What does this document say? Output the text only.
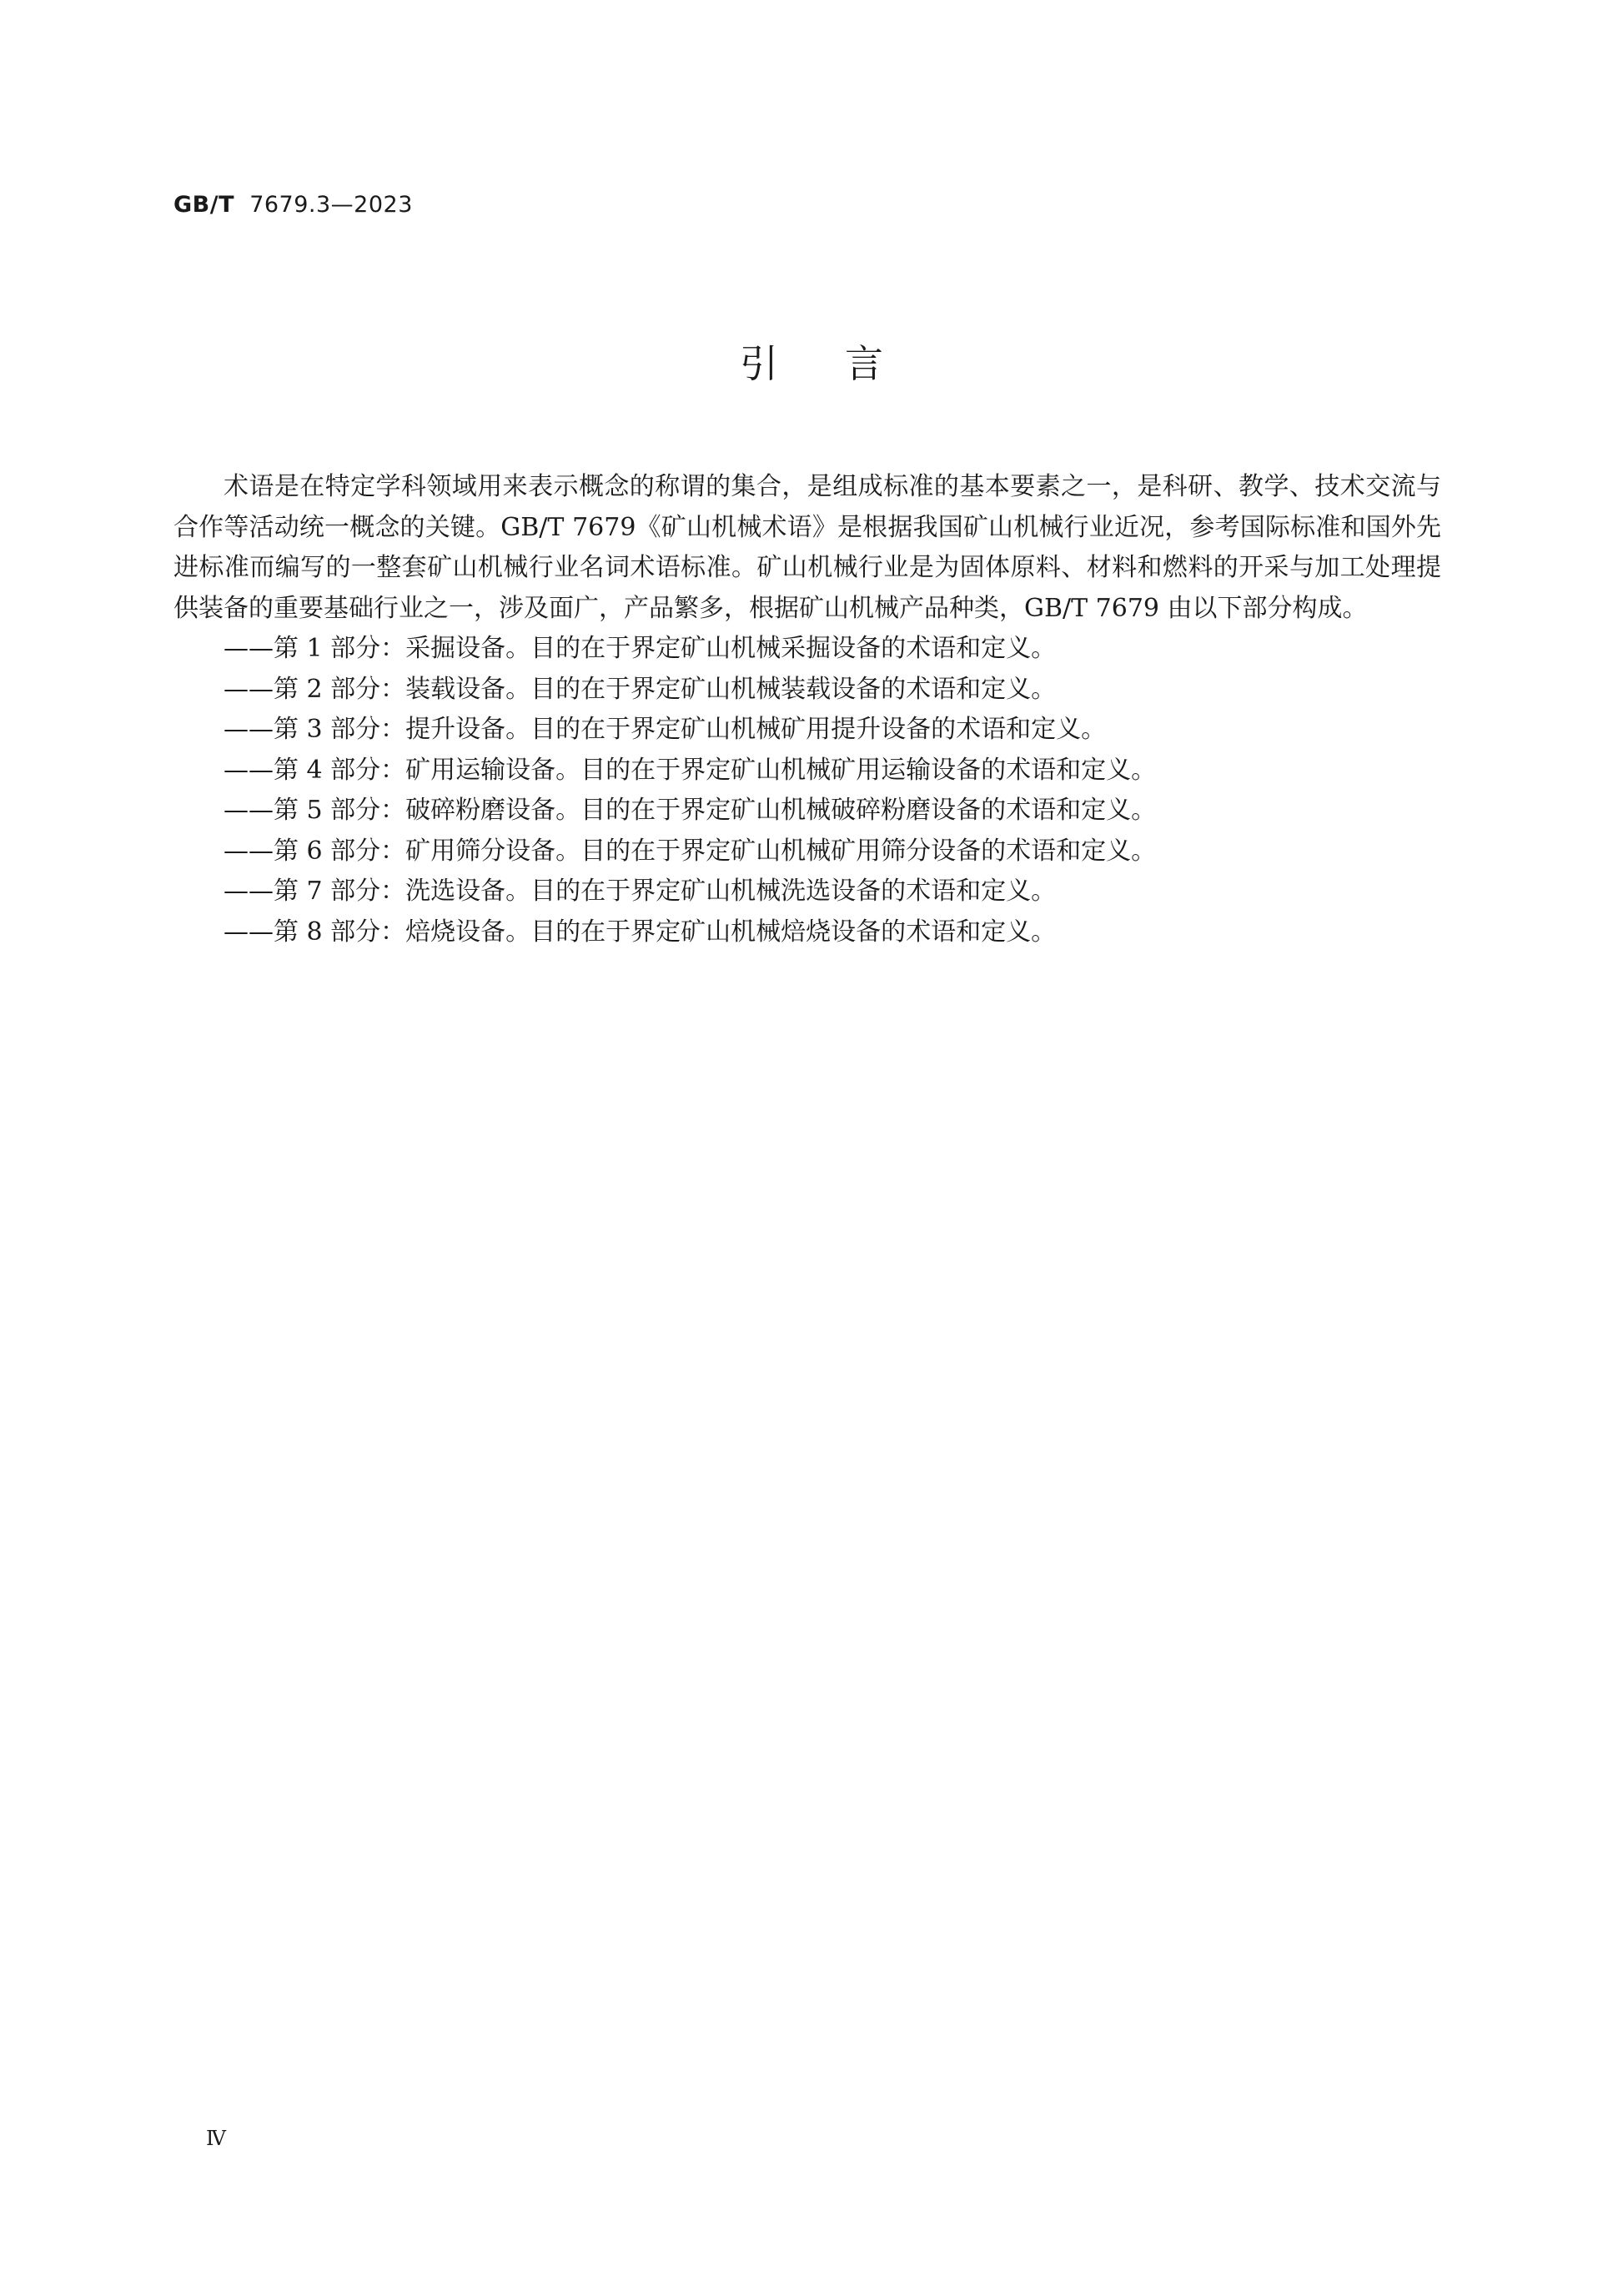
GB/T 7679.3—2023
引言

术语是在特定学科领域用来表示概念的称谓的集合，是组成标准的基本要素之一，是科研、教学、技术交流与合作等活动统一概念的关键。GB/T 7679《矿山机械术语》是根据我国矿山机械行业近况，参考国际标准和国外先进标准而编写的一整套矿山机械行业名词术语标准。矿山机械行业是为固体原料、材料和燃料的开采与加工处理提供装备的重要基础行业之一，涉及面广，产品繁多，根据矿山机械产品种类，GB/T 7679 由以下部分构成。

——第 1 部分：采掘设备。目的在于界定矿山机械采掘设备的术语和定义。
——第 2 部分：装载设备。目的在于界定矿山机械装载设备的术语和定义。
——第 3 部分：提升设备。目的在于界定矿山机械矿用提升设备的术语和定义。
——第 4 部分：矿用运输设备。目的在于界定矿山机械矿用运输设备的术语和定义。
——第 5 部分：破碎粉磨设备。目的在于界定矿山机械破碎粉磨设备的术语和定义。
——第 6 部分：矿用筛分设备。目的在于界定矿山机械矿用筛分设备的术语和定义。
——第 7 部分：洗选设备。目的在于界定矿山机械洗选设备的术语和定义。
——第 8 部分：焙烧设备。目的在于界定矿山机械焙烧设备的术语和定义。
Ⅳ
